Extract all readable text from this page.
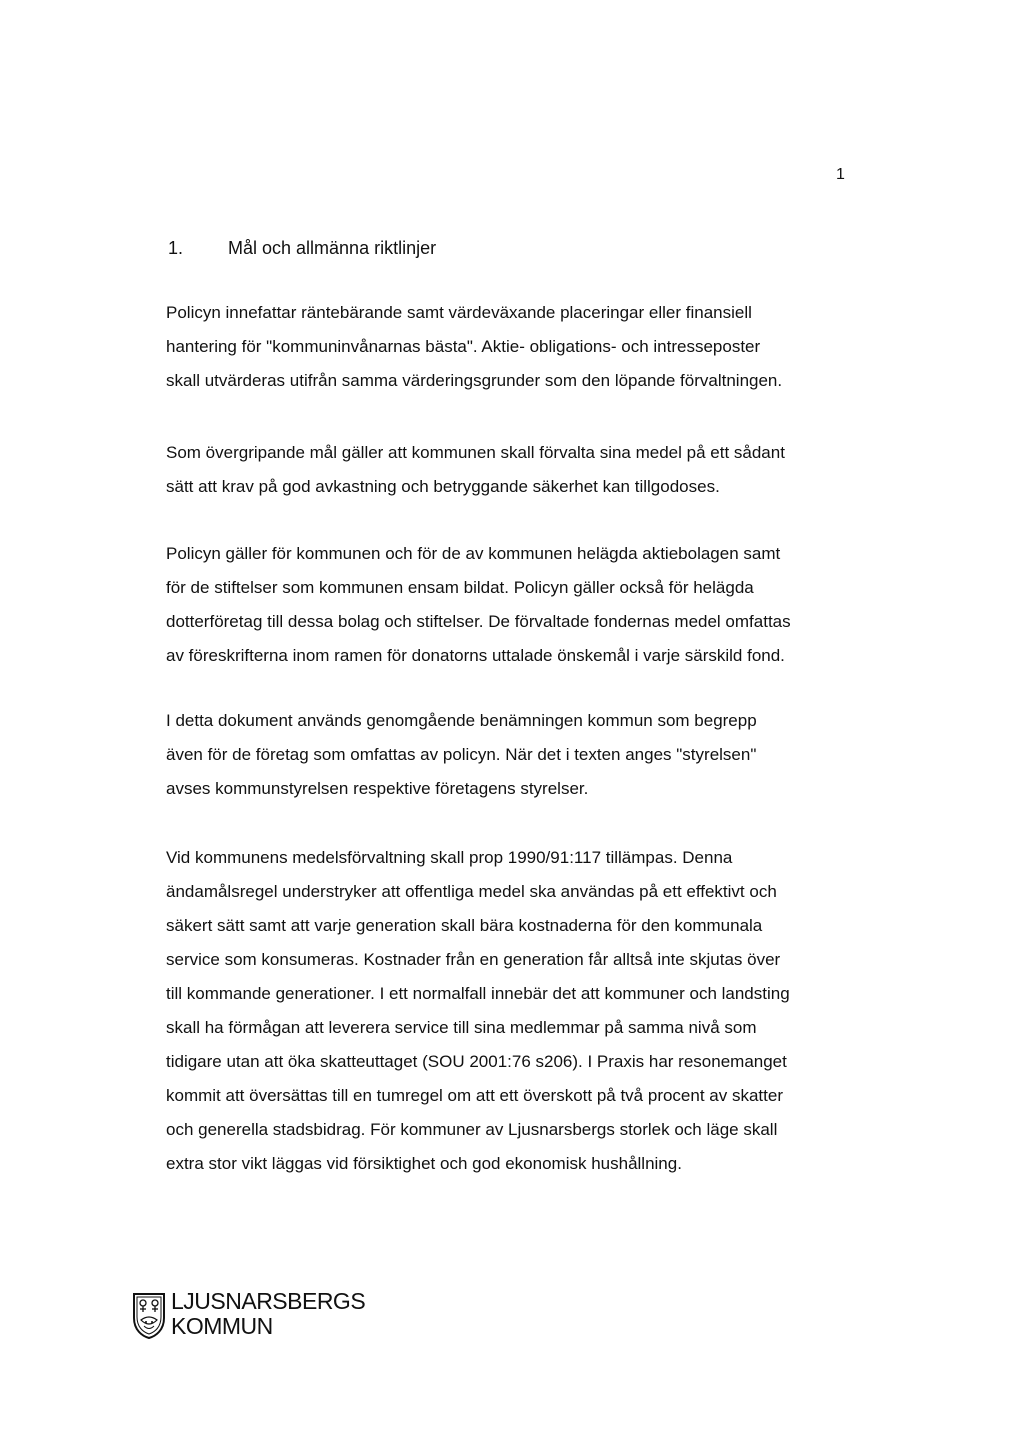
1
1.	Mål och allmänna riktlinjer

Policyn innefattar räntebärande samt värdeväxande placeringar eller finansiell
hantering för "kommuninvånarnas bästa". Aktie- obligations- och intresseposter
skall utvärderas utifrån samma värderingsgrunder som den löpande förvaltningen.

Som övergripande mål gäller att kommunen skall förvalta sina medel på ett sådant
sätt att krav på god avkastning och betryggande säkerhet kan tillgodoses.

Policyn gäller för kommunen och för de av kommunen helägda aktiebolagen samt
för de stiftelser som kommunen ensam bildat. Policyn gäller också för helägda
dotterföretag till dessa bolag och stiftelser. De förvaltade fondernas medel omfattas
av föreskrifterna inom ramen för donatorns uttalade önskemål i varje särskild fond.

I detta dokument används genomgående benämningen kommun som begrepp
även för de företag som omfattas av policyn. När det i texten anges "styrelsen"
avses kommunstyrelsen respektive företagens styrelser.

Vid kommunens medelsförvaltning skall prop 1990/91:117 tillämpas. Denna
ändamålsregel understryker att offentliga medel ska användas på ett effektivt och
säkert sätt samt att varje generation skall bära kostnaderna för den kommunala
service som konsumeras. Kostnader från en generation får alltså inte skjutas över
till kommande generationer. I ett normalfall innebär det att kommuner och landsting
skall ha förmågan att leverera service till sina medlemmar på samma nivå som
tidigare utan att öka skatteuttaget (SOU 2001:76 s206). I Praxis har resonemanget
kommit att översättas till en tumregel om att ett överskott på två procent av skatter
och generella stadsbidrag. För kommuner av Ljusnarsbergs storlek och läge skall
extra stor vikt läggas vid försiktighet och god ekonomisk hushållning.

LJUSNARSBERGS
KOMMUN
